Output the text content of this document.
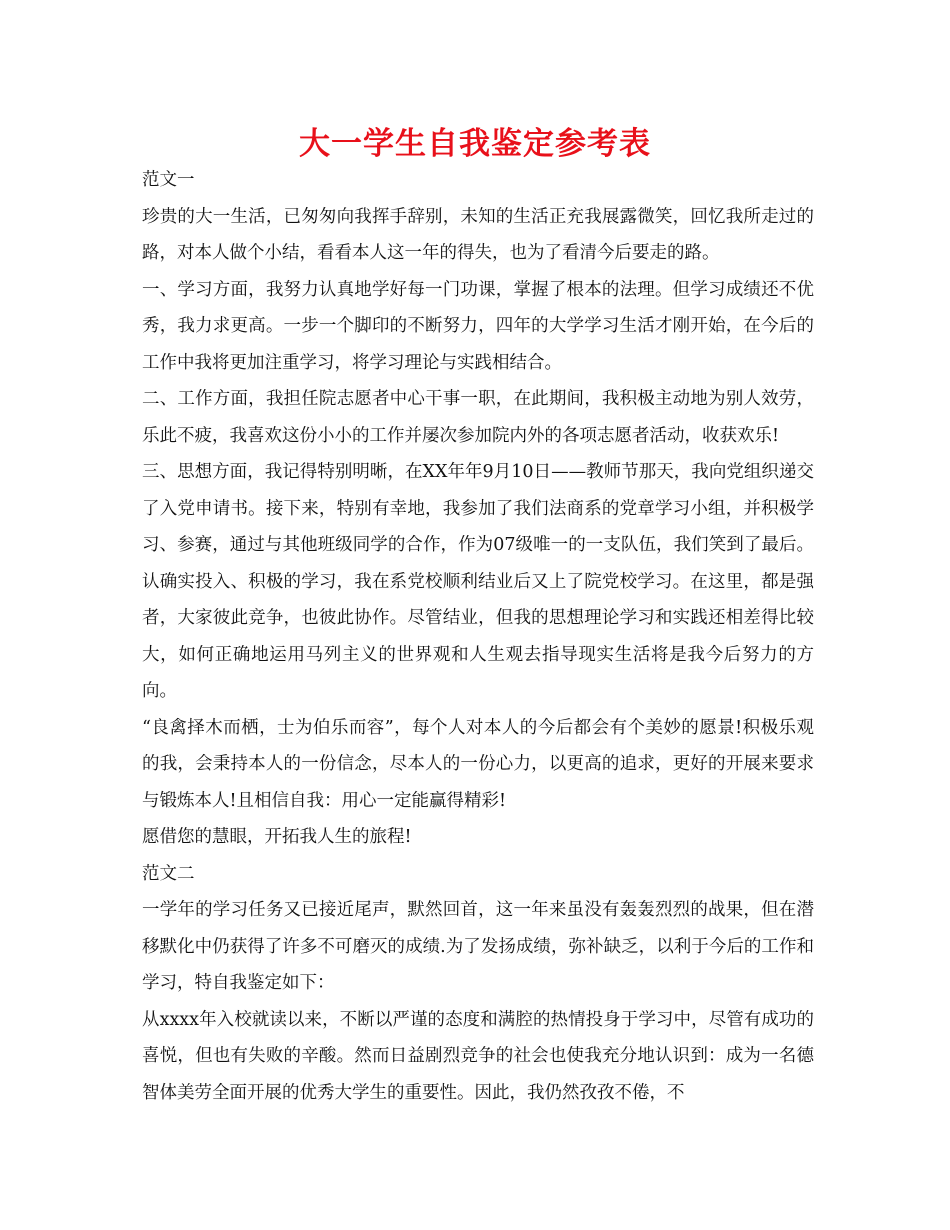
大一学生自我鉴定参考表

范文一

珍贵的大一生活，已匆匆向我挥手辞别，未知的生活正充我展露微笑，回忆我所走过的路，对本人做个小结，看看本人这一年的得失，也为了看清今后要走的路。

一、学习方面，我努力认真地学好每一门功课，掌握了根本的法理。但学习成绩还不优秀，我力求更高。一步一个脚印的不断努力，四年的大学学习生活才刚开始，在今后的工作中我将更加注重学习，将学习理论与实践相结合。

二、工作方面，我担任院志愿者中心干事一职，在此期间，我积极主动地为别人效劳，乐此不疲，我喜欢这份小小的工作并屡次参加院内外的各项志愿者活动，收获欢乐!

三、思想方面，我记得特别明晰，在XX年年9月10日——教师节那天，我向党组织递交了入党申请书。接下来，特别有幸地，我参加了我们法商系的党章学习小组，并积极学习、参赛，通过与其他班级同学的合作，作为07级唯一的一支队伍，我们笑到了最后。认确实投入、积极的学习，我在系党校顺利结业后又上了院党校学习。在这里，都是强者，大家彼此竞争，也彼此协作。尽管结业，但我的思想理论学习和实践还相差得比较大，如何正确地运用马列主义的世界观和人生观去指导现实生活将是我今后努力的方向。

“良禽择木而栖，士为伯乐而容”，每个人对本人的今后都会有个美妙的愿景!积极乐观的我，会秉持本人的一份信念，尽本人的一份心力，以更高的追求，更好的开展来要求与锻炼本人!且相信自我：用心一定能赢得精彩!

愿借您的慧眼，开拓我人生的旅程!

范文二

一学年的学习任务又已接近尾声，默然回首，这一年来虽没有轰轰烈烈的战果，但在潜移默化中仍获得了许多不可磨灭的成绩.为了发扬成绩，弥补缺乏，以利于今后的工作和学习，特自我鉴定如下：

从xxxx年入校就读以来，不断以严谨的态度和满腔的热情投身于学习中，尽管有成功的喜悦，但也有失败的辛酸。然而日益剧烈竞争的社会也使我充分地认识到：成为一名德智体美劳全面开展的优秀大学生的重要性。因此，我仍然孜孜不倦，不
